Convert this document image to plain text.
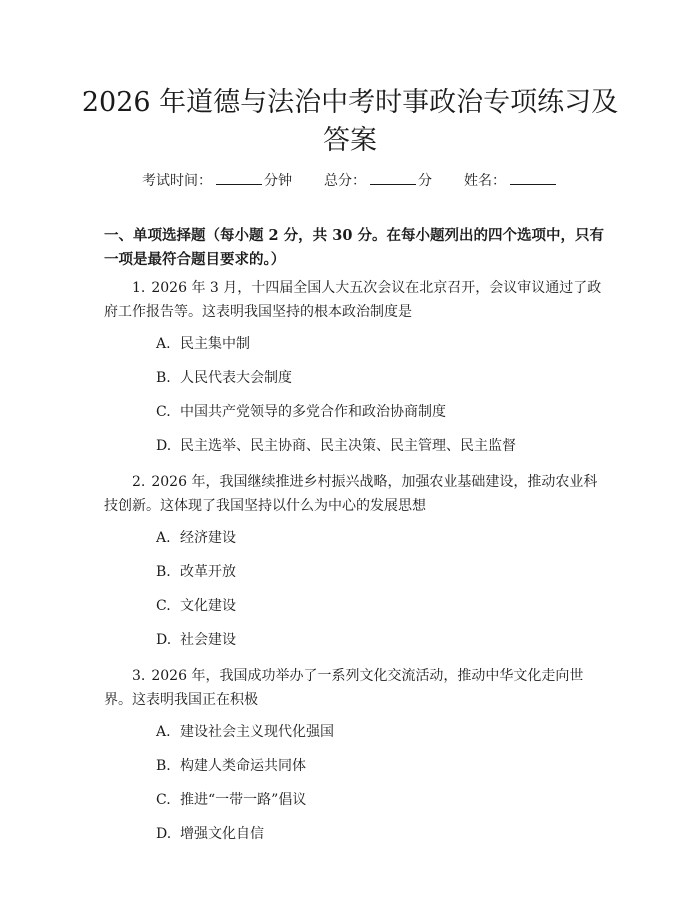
2026 年道德与法治中考时事政治专项练习及答案
考试时间：	分钟 总分：	分 姓名：

一、单项选择题（每小题 2 分，共 30 分。在每小题列出的四个选项中，只有一项是最符合题目要求的。）

1. 2026 年 3 月，十四届全国人大五次会议在北京召开，会议审议通过了政府工作报告等。这表明我国坚持的根本政治制度是

A. 民主集中制
B. 人民代表大会制度
C. 中国共产党领导的多党合作和政治协商制度
D. 民主选举、民主协商、民主决策、民主管理、民主监督

2. 2026 年，我国继续推进乡村振兴战略，加强农业基础建设，推动农业科技创新。这体现了我国坚持以什么为中心的发展思想

A. 经济建设
B. 改革开放
C. 文化建设
D. 社会建设

3. 2026 年，我国成功举办了一系列文化交流活动，推动中华文化走向世界。这表明我国正在积极

A. 建设社会主义现代化强国
B. 构建人类命运共同体
C. 推进“一带一路”倡议
D. 增强文化自信
